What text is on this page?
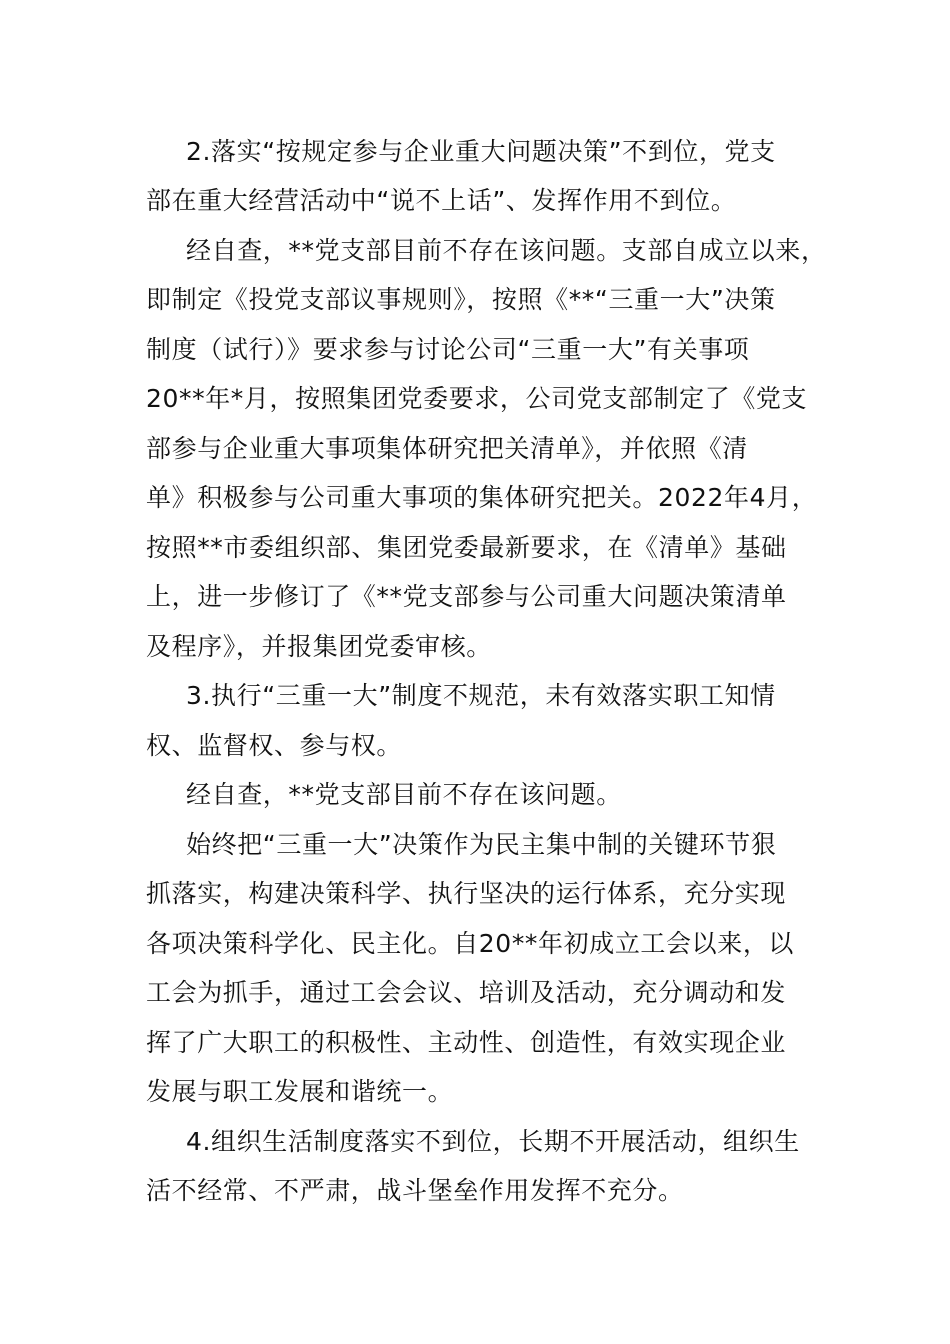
2.落实“按规定参与企业重大问题决策”不到位，党支
部在重大经营活动中“说不上话”、发挥作用不到位。
经自查，**党支部目前不存在该问题。支部自成立以来，
即制定《投党支部议事规则》，按照《**“三重一大”决策
制度（试行）》要求参与讨论公司“三重一大”有关事项
20**年*月，按照集团党委要求，公司党支部制定了《党支
部参与企业重大事项集体研究把关清单》，并依照《清
单》积极参与公司重大事项的集体研究把关。2022年4月，
按照**市委组织部、集团党委最新要求，在《清单》基础
上，进一步修订了《**党支部参与公司重大问题决策清单
及程序》，并报集团党委审核。
3.执行“三重一大”制度不规范，未有效落实职工知情
权、监督权、参与权。
经自查，**党支部目前不存在该问题。
始终把“三重一大”决策作为民主集中制的关键环节狠
抓落实，构建决策科学、执行坚决的运行体系，充分实现
各项决策科学化、民主化。自20**年初成立工会以来，以
工会为抓手，通过工会会议、培训及活动，充分调动和发
挥了广大职工的积极性、主动性、创造性，有效实现企业
发展与职工发展和谐统一。
4.组织生活制度落实不到位，长期不开展活动，组织生
活不经常、不严肃，战斗堡垒作用发挥不充分。
